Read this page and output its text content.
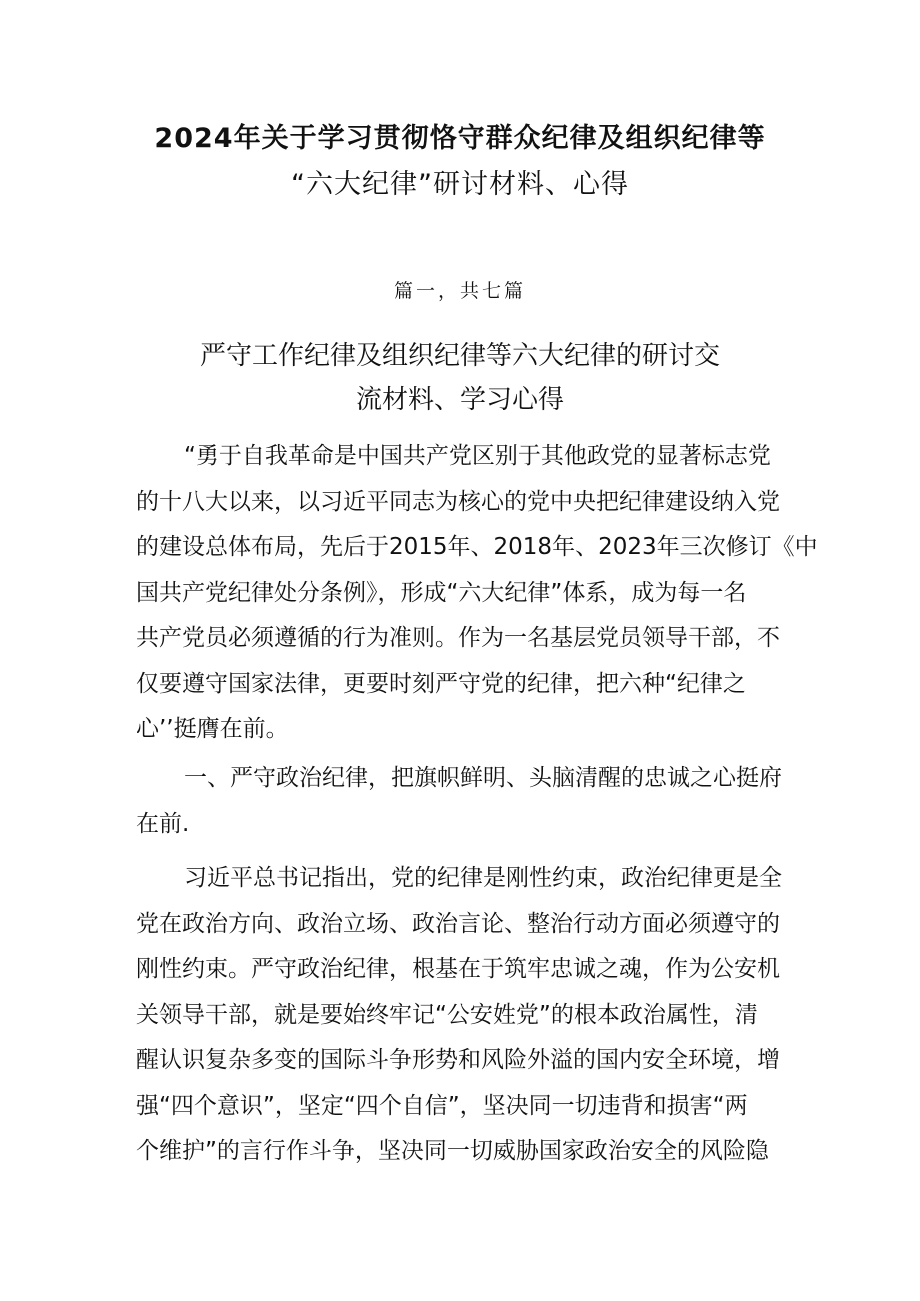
2024年关于学习贯彻恪守群众纪律及组织纪律等
“六大纪律”研讨材料、心得
篇一，共七篇
严守工作纪律及组织纪律等六大纪律的研讨交
流材料、学习心得
“勇于自我革命是中国共产党区别于其他政党的显著标志党
的十八大以来，以习近平同志为核心的党中央把纪律建设纳入党
的建设总体布局，先后于2015年、2018年、2023年三次修订《中
国共产党纪律处分条例》，形成“六大纪律”体系，成为每一名
共产党员必须遵循的行为准则。作为一名基层党员领导干部，不
仅要遵守国家法律，更要时刻严守党的纪律，把六种“纪律之
心’’挺膺在前。
一、严守政治纪律，把旗帜鲜明、头脑清醒的忠诚之心挺府
在前.
习近平总书记指出，党的纪律是刚性约束，政治纪律更是全
党在政治方向、政治立场、政治言论、整治行动方面必须遵守的
刚性约束。严守政治纪律，根基在于筑牢忠诚之魂，作为公安机
关领导干部，就是要始终牢记“公安姓党”的根本政治属性，清
醒认识复杂多变的国际斗争形势和风险外溢的国内安全环境，增
强“四个意识”，坚定“四个自信”，坚决同一切违背和损害“两
个维护”的言行作斗争，坚决同一切威胁国家政治安全的风险隐
